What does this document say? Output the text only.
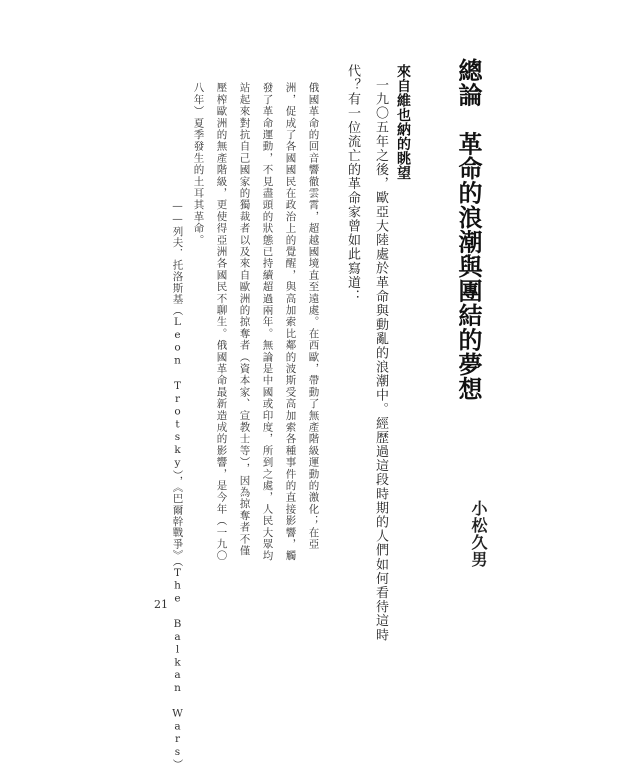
總論　革命的浪潮與團結的夢想
小松久男
來自維也納的眺望
一九〇五年之後，歐亞大陸處於革命與動亂的浪潮中。經歷過這段時期的人們如何看待這時
代？有一位流亡的革命家曾如此寫道：
俄國革命的回音響徹雲霄，超越國境直至遠處。在西歐，帶動了無產階級運動的激化；在亞
洲，促成了各國國民在政治上的覺醒，與高加索比鄰的波斯受高加索各種事件的直接影響，觸
發了革命運動，不見盡頭的狀態已持續超過兩年。無論是中國或印度，所到之處，人民大眾均
站起來對抗自己國家的獨裁者以及來自歐洲的掠奪者（資本家、宣教士等），因為掠奪者不僅
壓榨歐洲的無產階級，更使得亞洲各國民不聊生。俄國革命最新造成的影響，是今年（一九〇
八年）夏季發生的土耳其革命。
——列夫．托洛斯基（Leon Trotsky），《巴爾幹戰爭》（The Balkan Wars）
21
